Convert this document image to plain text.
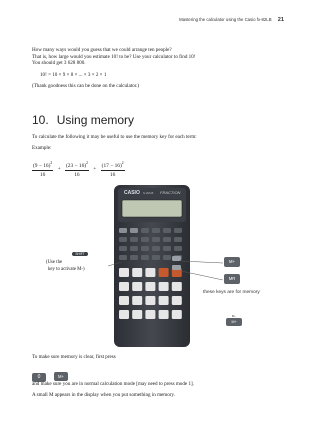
Mastering the calculator using the Casio fx-82LB 21
How many ways would you guess that we could arrange ten people?
That is, how large would you estimate 10! to be? Use your calculator to find 10!
You should get 3 628 800.
10! = 10 × 9 × 8 × ... × 3 × 2 × 1
(Thank goodness this can be done on the calculator.)
10. Using memory
To calculate the following it may be useful to use the memory key for each term:
Example:
$\frac{(9 - 16)^2}{16} + \frac{(23 - 16)^2}{16} + \frac{(17 - 16)^2}{16}$
CASIO fx-82LB FRACTION
SHIFT
(Use the
key to activate M-)
M+
MR
these keys are for memory
M−
M+
To make sure memory is clear, first press
0	M+
and make sure you are in normal calculation mode [may need to press mode 1].
A small M appears in the display when you put something in memory.
